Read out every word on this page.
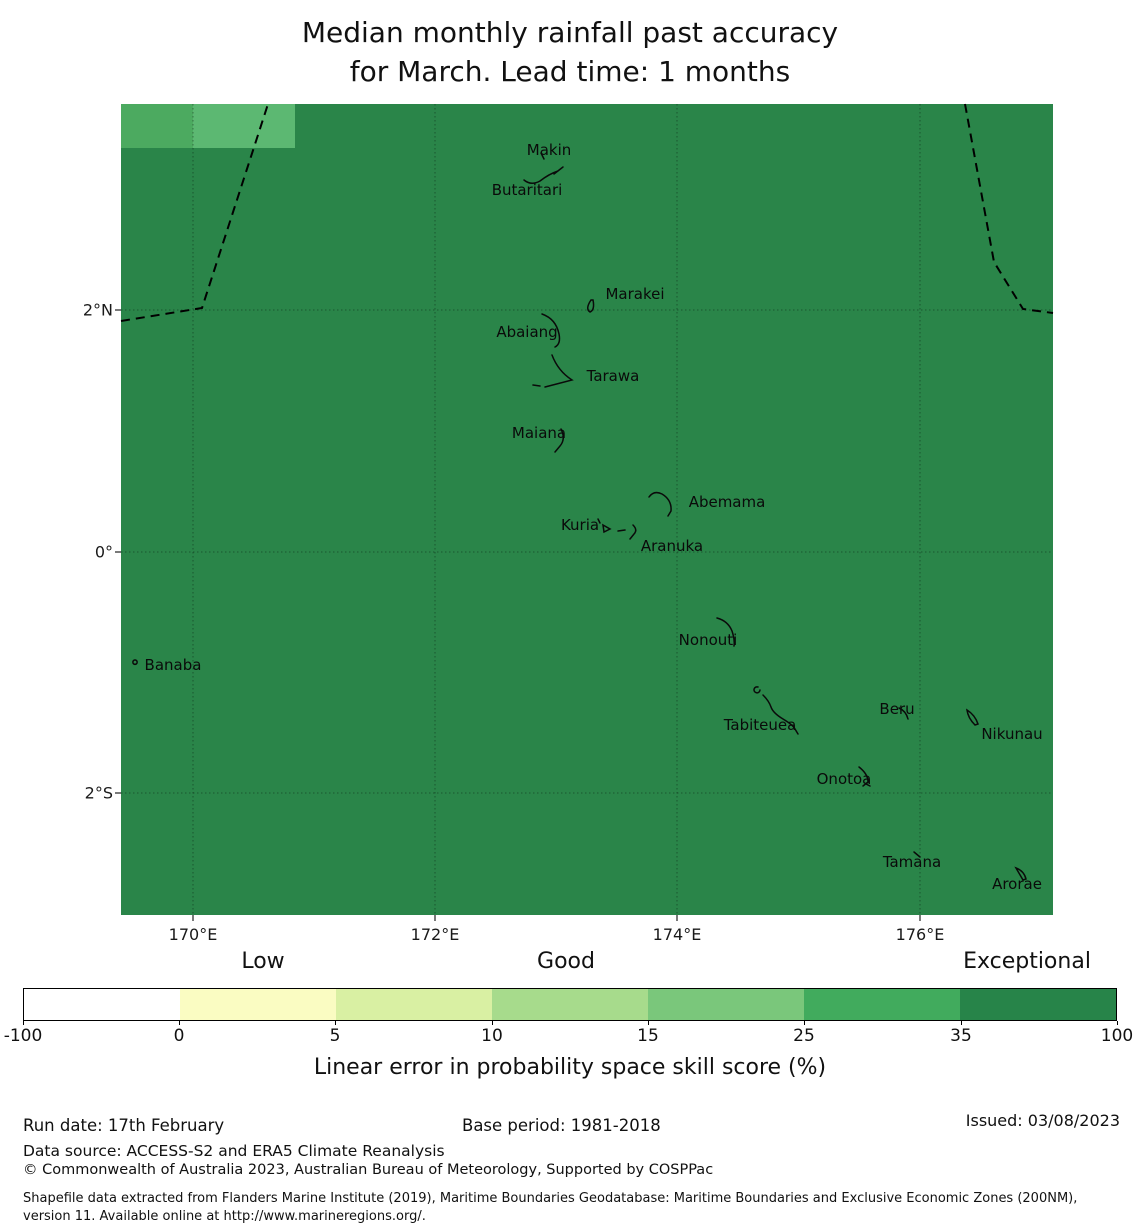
Median monthly rainfall past accuracy
for March. Lead time: 1 months
Makin
Butaritari
Marakei
Abaiang
Tarawa
Maiana
Abemama
Kuria
Aranuka
Nonouti
Banaba
Tabiteuea
Beru
Nikunau
Onotoa
Tamana
Arorae
2°N
0°
2°S
170°E	172°E	174°E	176°E
Low	Good	Exceptional
-100	0	5	10	15	25	35	100
Linear error in probability space skill score (%)
Run date: 17th February	Base period: 1981-2018	Issued: 03/08/2023
Data source: ACCESS-S2 and ERA5 Climate Reanalysis
© Commonwealth of Australia 2023, Australian Bureau of Meteorology, Supported by COSPPac
Shapefile data extracted from Flanders Marine Institute (2019), Maritime Boundaries Geodatabase: Maritime Boundaries and Exclusive Economic Zones (200NM), version 11. Available online at http://www.marineregions.org/.
